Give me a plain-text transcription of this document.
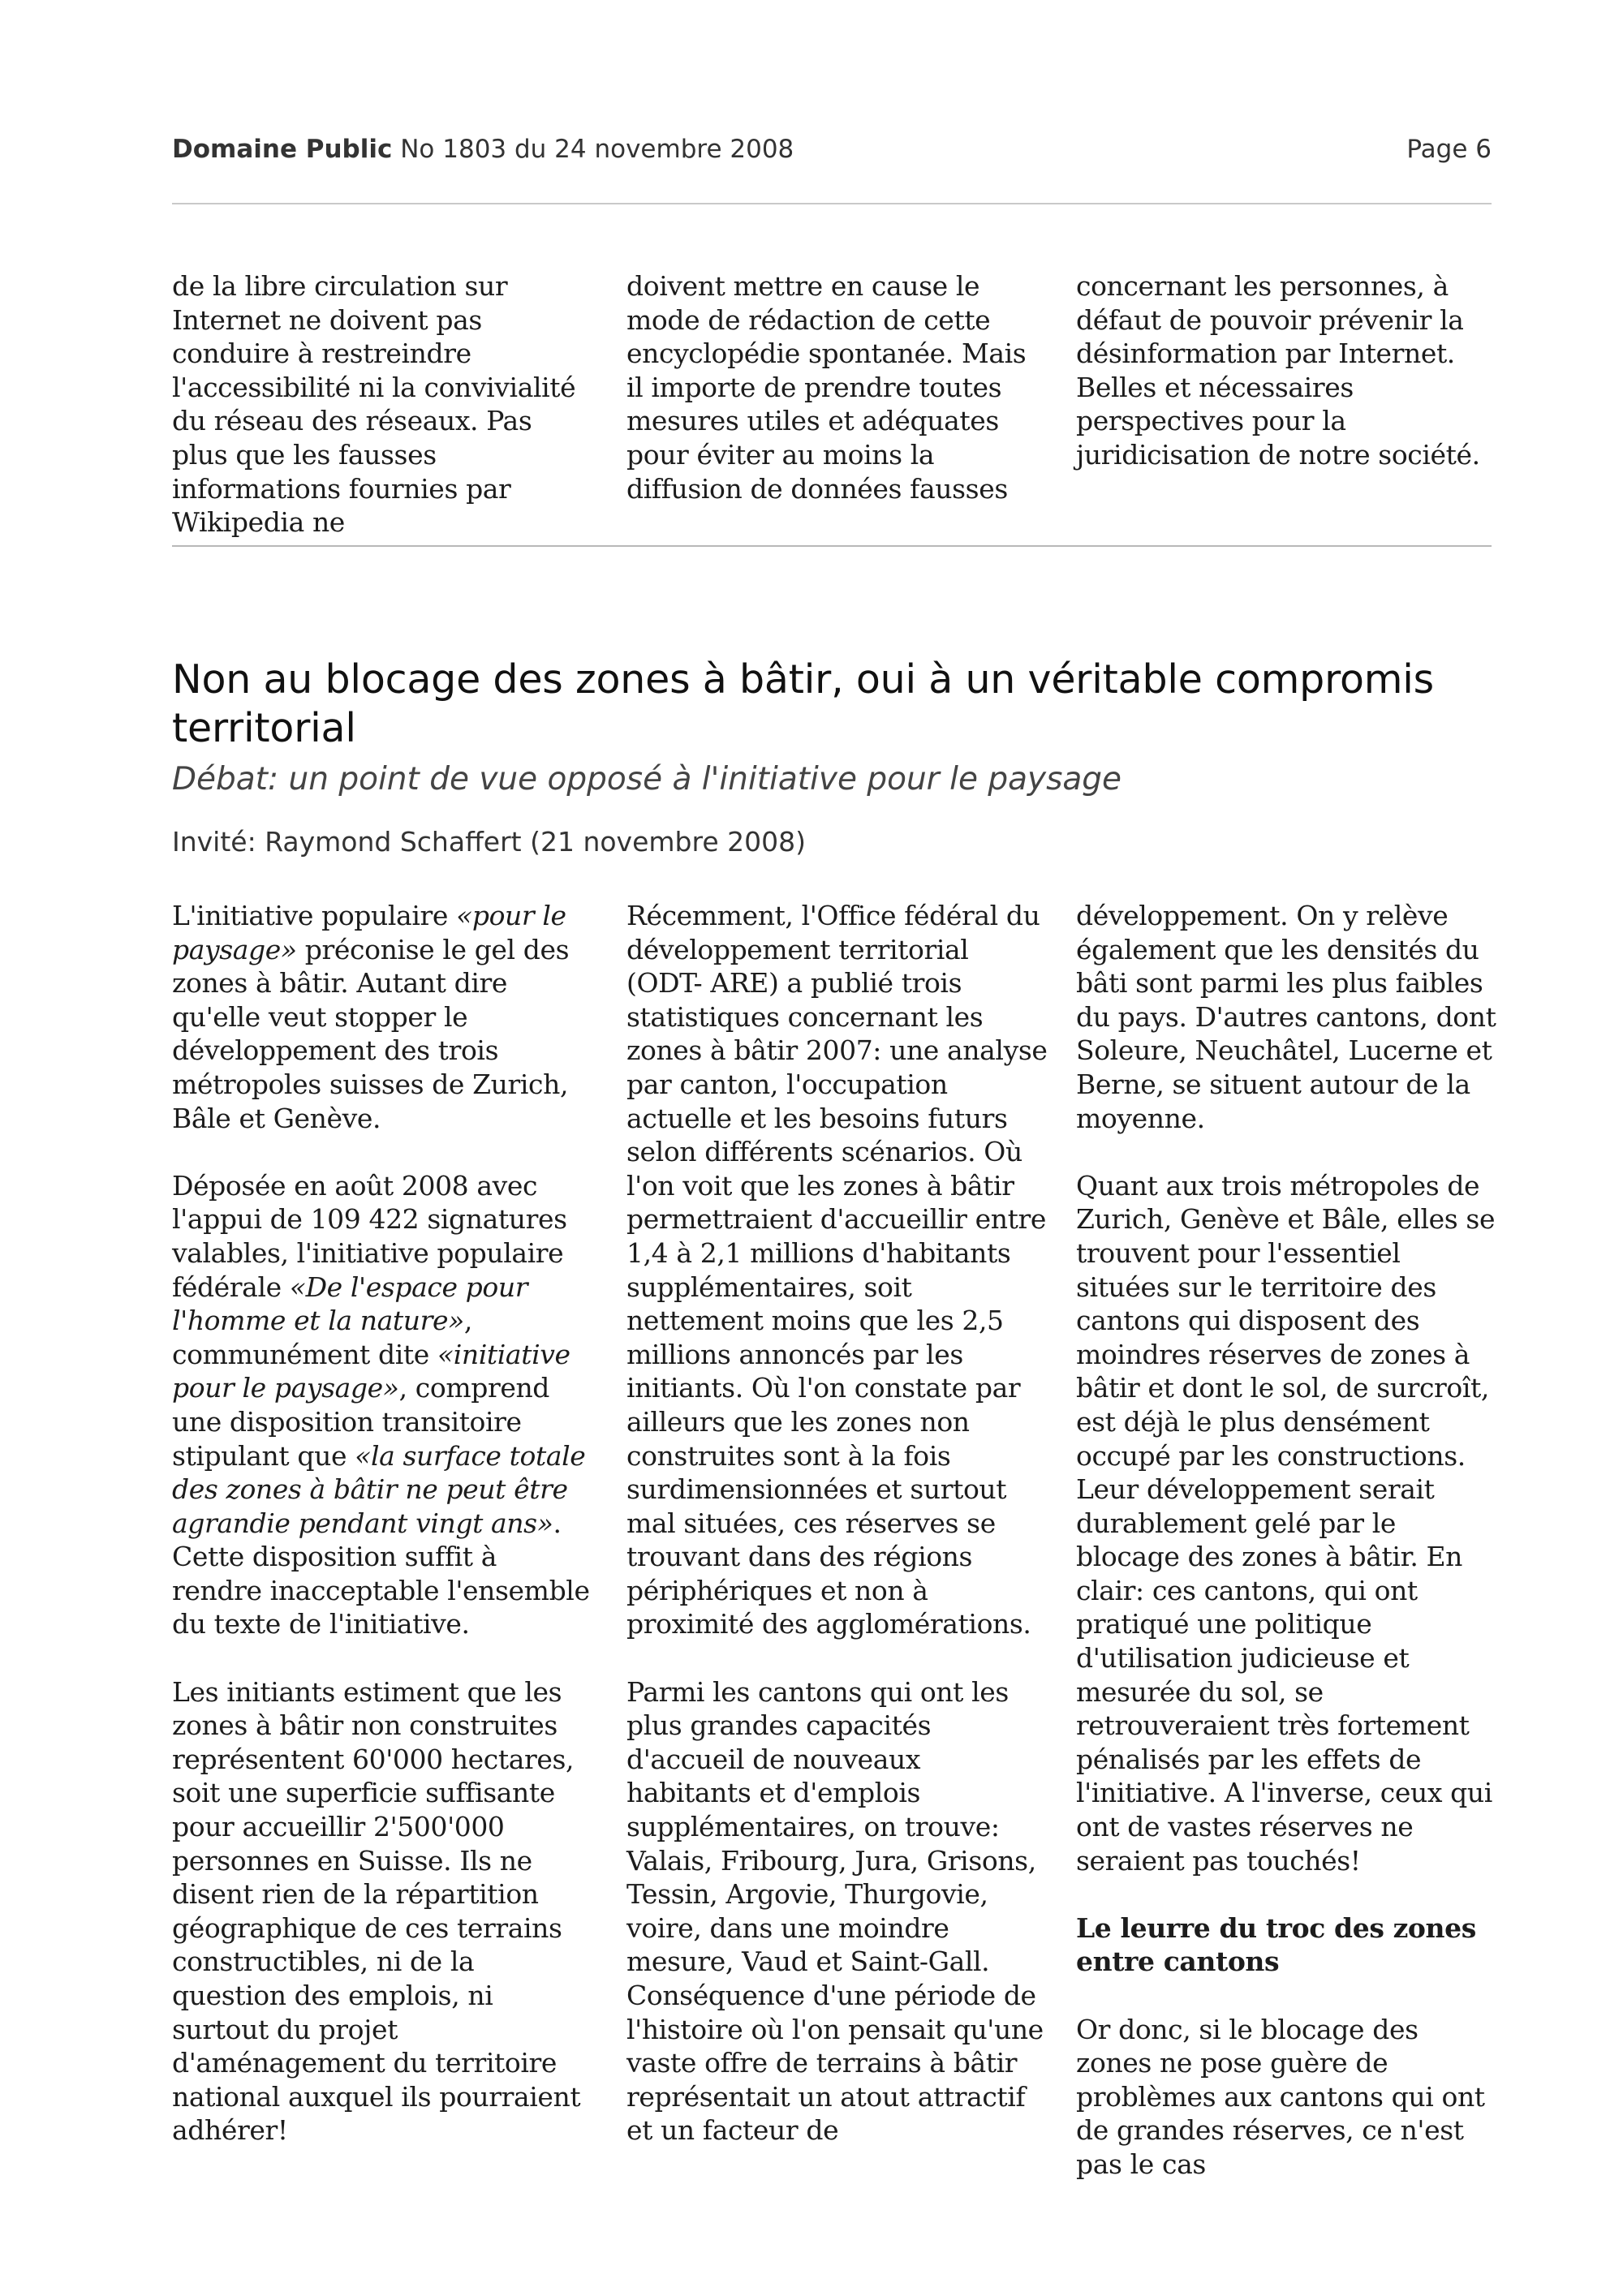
Domaine Public No 1803 du 24 novembre 2008	Page 6

de la libre circulation sur Internet ne doivent pas conduire à restreindre l'accessibilité ni la convivialité du réseau des réseaux. Pas plus que les fausses informations fournies par Wikipedia ne

doivent mettre en cause le mode de rédaction de cette encyclopédie spontanée. Mais il importe de prendre toutes mesures utiles et adéquates pour éviter au moins la diffusion de données fausses

concernant les personnes, à défaut de pouvoir prévenir la désinformation par Internet. Belles et nécessaires perspectives pour la juridicisation de notre société.

Non au blocage des zones à bâtir, oui à un véritable compromis territorial
Débat: un point de vue opposé à l'initiative pour le paysage
Invité: Raymond Schaffert (21 novembre 2008)

L'initiative populaire «pour le paysage» préconise le gel des zones à bâtir. Autant dire qu'elle veut stopper le développement des trois métropoles suisses de Zurich, Bâle et Genève.

Déposée en août 2008 avec l'appui de 109 422 signatures valables, l'initiative populaire fédérale «De l'espace pour l'homme et la nature», communément dite «initiative pour le paysage», comprend une disposition transitoire stipulant que «la surface totale des zones à bâtir ne peut être agrandie pendant vingt ans». Cette disposition suffit à rendre inacceptable l'ensemble du texte de l'initiative.

Les initiants estiment que les zones à bâtir non construites représentent 60'000 hectares, soit une superficie suffisante pour accueillir 2'500'000 personnes en Suisse. Ils ne disent rien de la répartition géographique de ces terrains constructibles, ni de la question des emplois, ni surtout du projet d'aménagement du territoire national auxquel ils pourraient adhérer!

Récemment, l'Office fédéral du développement territorial (ODT- ARE) a publié trois statistiques concernant les zones à bâtir 2007: une analyse par canton, l'occupation actuelle et les besoins futurs selon différents scénarios. Où l'on voit que les zones à bâtir permettraient d'accueillir entre 1,4 à 2,1 millions d'habitants supplémentaires, soit nettement moins que les 2,5 millions annoncés par les initiants. Où l'on constate par ailleurs que les zones non construites sont à la fois surdimensionnées et surtout mal situées, ces réserves se trouvant dans des régions périphériques et non à proximité des agglomérations.

Parmi les cantons qui ont les plus grandes capacités d'accueil de nouveaux habitants et d'emplois supplémentaires, on trouve: Valais, Fribourg, Jura, Grisons, Tessin, Argovie, Thurgovie, voire, dans une moindre mesure, Vaud et Saint-Gall. Conséquence d'une période de l'histoire où l'on pensait qu'une vaste offre de terrains à bâtir représentait un atout attractif et un facteur de

développement. On y relève également que les densités du bâti sont parmi les plus faibles du pays. D'autres cantons, dont Soleure, Neuchâtel, Lucerne et Berne, se situent autour de la moyenne.

Quant aux trois métropoles de Zurich, Genève et Bâle, elles se trouvent pour l'essentiel situées sur le territoire des cantons qui disposent des moindres réserves de zones à bâtir et dont le sol, de surcroît, est déjà le plus densément occupé par les constructions. Leur développement serait durablement gelé par le blocage des zones à bâtir. En clair: ces cantons, qui ont pratiqué une politique d'utilisation judicieuse et mesurée du sol, se retrouveraient très fortement pénalisés par les effets de l'initiative. A l'inverse, ceux qui ont de vastes réserves ne seraient pas touchés!

Le leurre du troc des zones entre cantons

Or donc, si le blocage des zones ne pose guère de problèmes aux cantons qui ont de grandes réserves, ce n'est pas le cas
